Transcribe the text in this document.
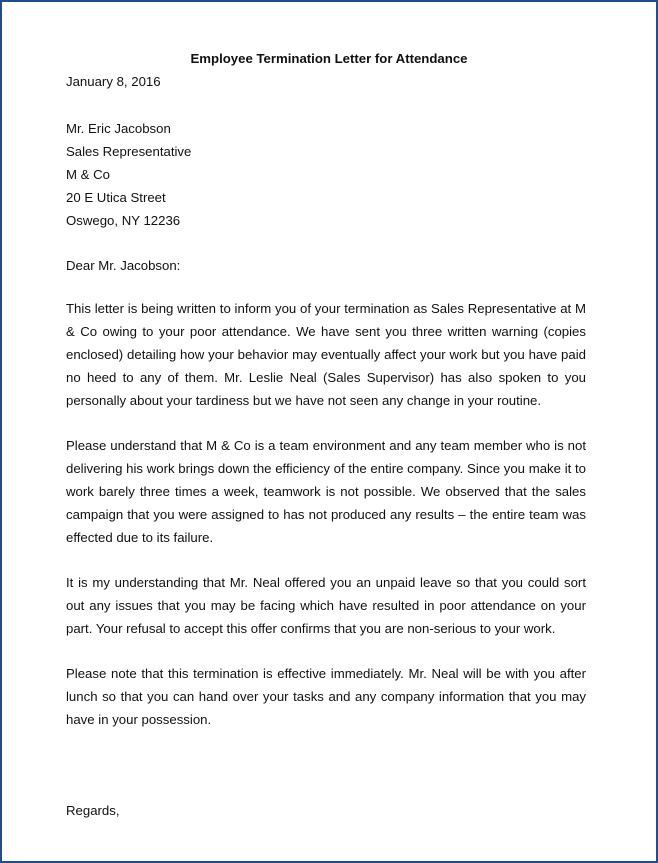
Employee Termination Letter for Attendance
January 8, 2016
Mr. Eric Jacobson
Sales Representative
M & Co
20 E Utica Street
Oswego, NY 12236
Dear Mr. Jacobson:
This letter is being written to inform you of your termination as Sales Representative at M & Co owing to your poor attendance. We have sent you three written warning (copies enclosed) detailing how your behavior may eventually affect your work but you have paid no heed to any of them. Mr. Leslie Neal (Sales Supervisor) has also spoken to you personally about your tardiness but we have not seen any change in your routine.
Please understand that M & Co is a team environment and any team member who is not delivering his work brings down the efficiency of the entire company. Since you make it to work barely three times a week, teamwork is not possible. We observed that the sales campaign that you were assigned to has not produced any results – the entire team was effected due to its failure.
It is my understanding that Mr. Neal offered you an unpaid leave so that you could sort out any issues that you may be facing which have resulted in poor attendance on your part. Your refusal to accept this offer confirms that you are non-serious to your work.
Please note that this termination is effective immediately. Mr. Neal will be with you after lunch so that you can hand over your tasks and any company information that you may have in your possession.
Regards,
